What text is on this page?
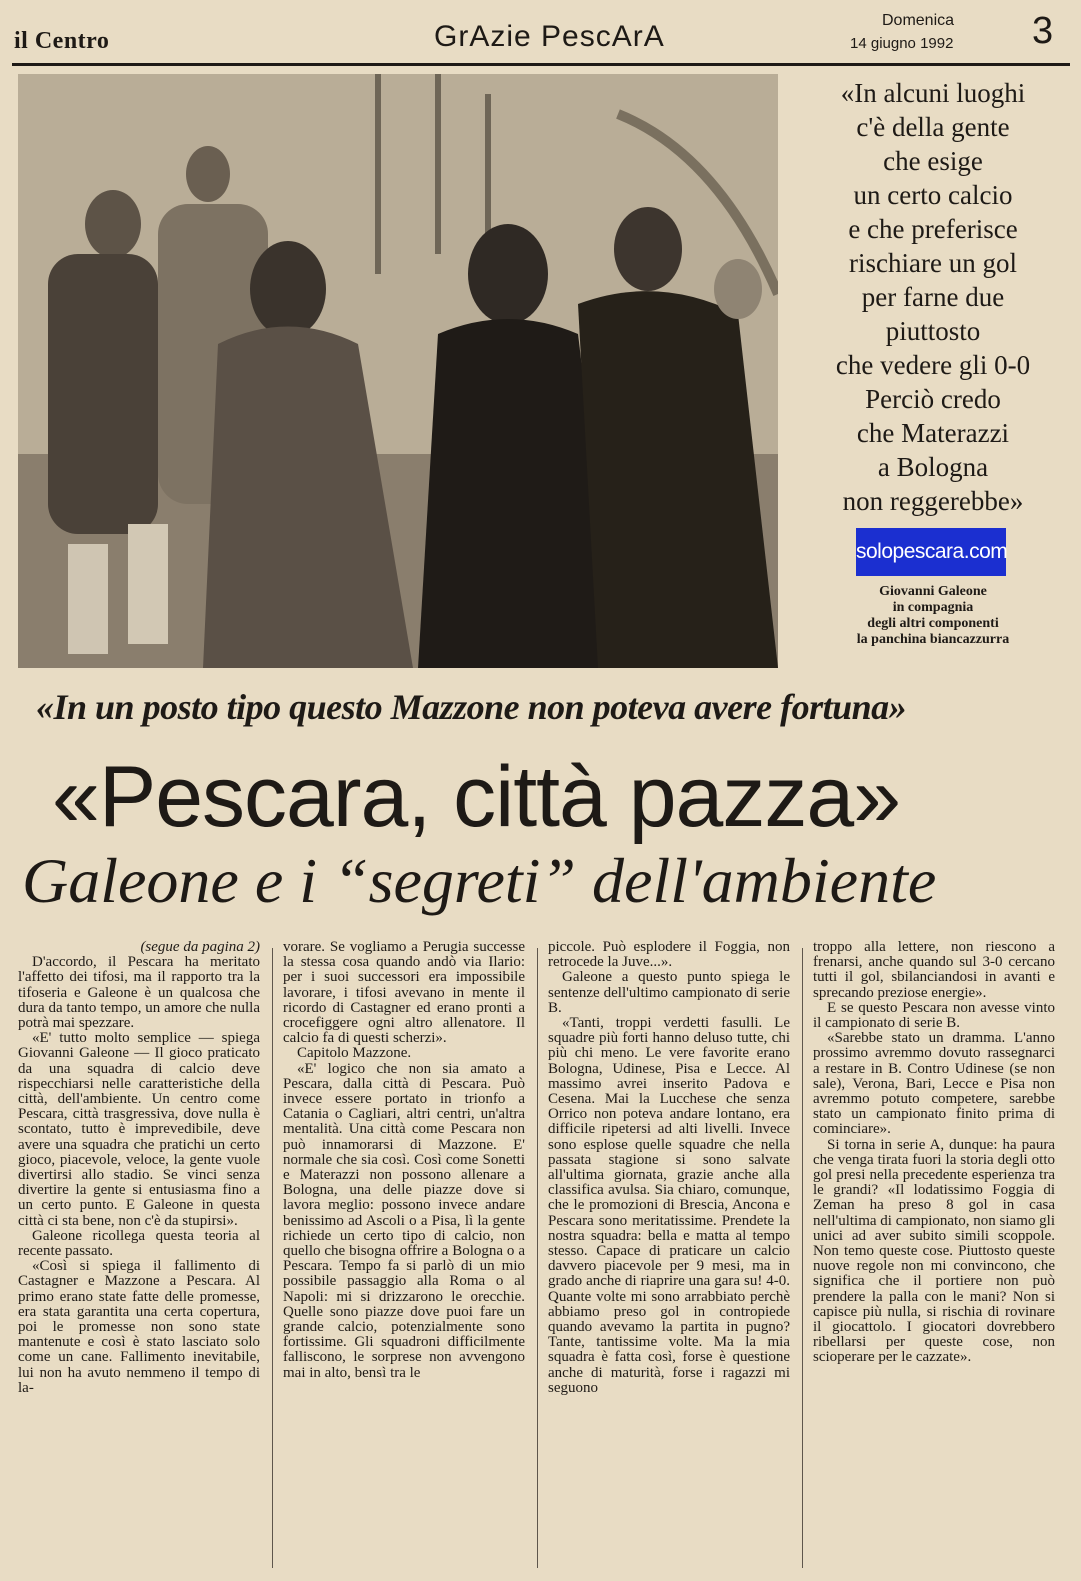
il Centro	GrAzie PescArA	Domenica
14 giugno 1992 3
«In alcuni luoghi
c'è della gente
che esige
un certo calcio
e che preferisce
rischiare un gol
per farne due
piuttosto
che vedere gli 0-0
Perciò credo
che Materazzi
a Bologna
non reggerebbe»
solopescara.com
Giovanni Galeone
in compagnia
degli altri componenti
la panchina biancazzurra
«In un posto tipo questo Mazzone non poteva avere fortuna»
«Pescara, città pazza»
Galeone e i “segreti” dell'ambiente

(segue da pagina 2)

D'accordo, il Pescara ha meritato l'affetto dei tifosi, ma il rapporto tra la tifoseria e Galeone è un qualcosa che dura da tanto tempo, un amore che nulla potrà mai spezzare.

«E' tutto molto semplice — spiega Giovanni Galeone — Il gioco praticato da una squadra di calcio deve rispecchiarsi nelle caratteristiche della città, dell'ambiente. Un centro come Pescara, città trasgressiva, dove nulla è scontato, tutto è imprevedibile, deve avere una squadra che pratichi un certo gioco, piacevole, veloce, la gente vuole divertirsi allo stadio. Se vinci senza divertire la gente si entusiasma fino a un certo punto. E Galeone in questa città ci sta bene, non c'è da stupirsi».

Galeone ricollega questa teoria al recente passato.

«Così si spiega il fallimento di Castagner e Mazzone a Pescara. Al primo erano state fatte delle promesse, era stata garantita una certa copertura, poi le promesse non sono state mantenute e così è stato lasciato solo come un cane. Fallimento inevitabile, lui non ha avuto nemmeno il tempo di la-

vorare. Se vogliamo a Perugia successe la stessa cosa quando andò via Ilario: per i suoi successori era impossibile lavorare, i tifosi avevano in mente il ricordo di Castagner ed erano pronti a crocefiggere ogni altro allenatore. Il calcio fa di questi scherzi».

Capitolo Mazzone.

«E' logico che non sia amato a Pescara, dalla città di Pescara. Può invece essere portato in trionfo a Catania o Cagliari, altri centri, un'altra mentalità. Una città come Pescara non può innamorarsi di Mazzone. E' normale che sia così. Così come Sonetti e Materazzi non possono allenare a Bologna, una delle piazze dove si lavora meglio: possono invece andare benissimo ad Ascoli o a Pisa, lì la gente richiede un certo tipo di calcio, non quello che bisogna offrire a Bologna o a Pescara. Tempo fa si parlò di un mio possibile passaggio alla Roma o al Napoli: mi si drizzarono le orecchie. Quelle sono piazze dove puoi fare un grande calcio, potenzialmente sono fortissime. Gli squadroni difficilmente falliscono, le sorprese non avvengono mai in alto, bensì tra le

piccole. Può esplodere il Foggia, non retrocede la Juve...».

Galeone a questo punto spiega le sentenze dell'ultimo campionato di serie B.

«Tanti, troppi verdetti fasulli. Le squadre più forti hanno deluso tutte, chi più chi meno. Le vere favorite erano Bologna, Udinese, Pisa e Lecce. Al massimo avrei inserito Padova e Cesena. Mai la Lucchese che senza Orrico non poteva andare lontano, era difficile ripetersi ad alti livelli. Invece sono esplose quelle squadre che nella passata stagione si sono salvate all'ultima giornata, grazie anche alla classifica avulsa. Sia chiaro, comunque, che le promozioni di Brescia, Ancona e Pescara sono meritatissime. Prendete la nostra squadra: bella e matta al tempo stesso. Capace di praticare un calcio davvero piacevole per 9 mesi, ma in grado anche di riaprire una gara su! 4-0. Quante volte mi sono arrabbiato perchè abbiamo preso gol in contropiede quando avevamo la partita in pugno? Tante, tantissime volte. Ma la mia squadra è fatta così, forse è questione anche di maturità, forse i ragazzi mi seguono

troppo alla lettere, non riescono a frenarsi, anche quando sul 3-0 cercano tutti il gol, sbilanciandosi in avanti e sprecando preziose energie».

E se questo Pescara non avesse vinto il campionato di serie B.

«Sarebbe stato un dramma. L'anno prossimo avremmo dovuto rassegnarci a restare in B. Contro Udinese (se non sale), Verona, Bari, Lecce e Pisa non avremmo potuto competere, sarebbe stato un campionato finito prima di cominciare».

Si torna in serie A, dunque: ha paura che venga tirata fuori la storia degli otto gol presi nella precedente esperienza tra le grandi? «Il lodatissimo Foggia di Zeman ha preso 8 gol in casa nell'ultima di campionato, non siamo gli unici ad aver subito simili scoppole. Non temo queste cose. Piuttosto queste nuove regole non mi convincono, che significa che il portiere non può prendere la palla con le mani? Non si capisce più nulla, si rischia di rovinare il giocattolo. I giocatori dovrebbero ribellarsi per queste cose, non scioperare per le cazzate».
